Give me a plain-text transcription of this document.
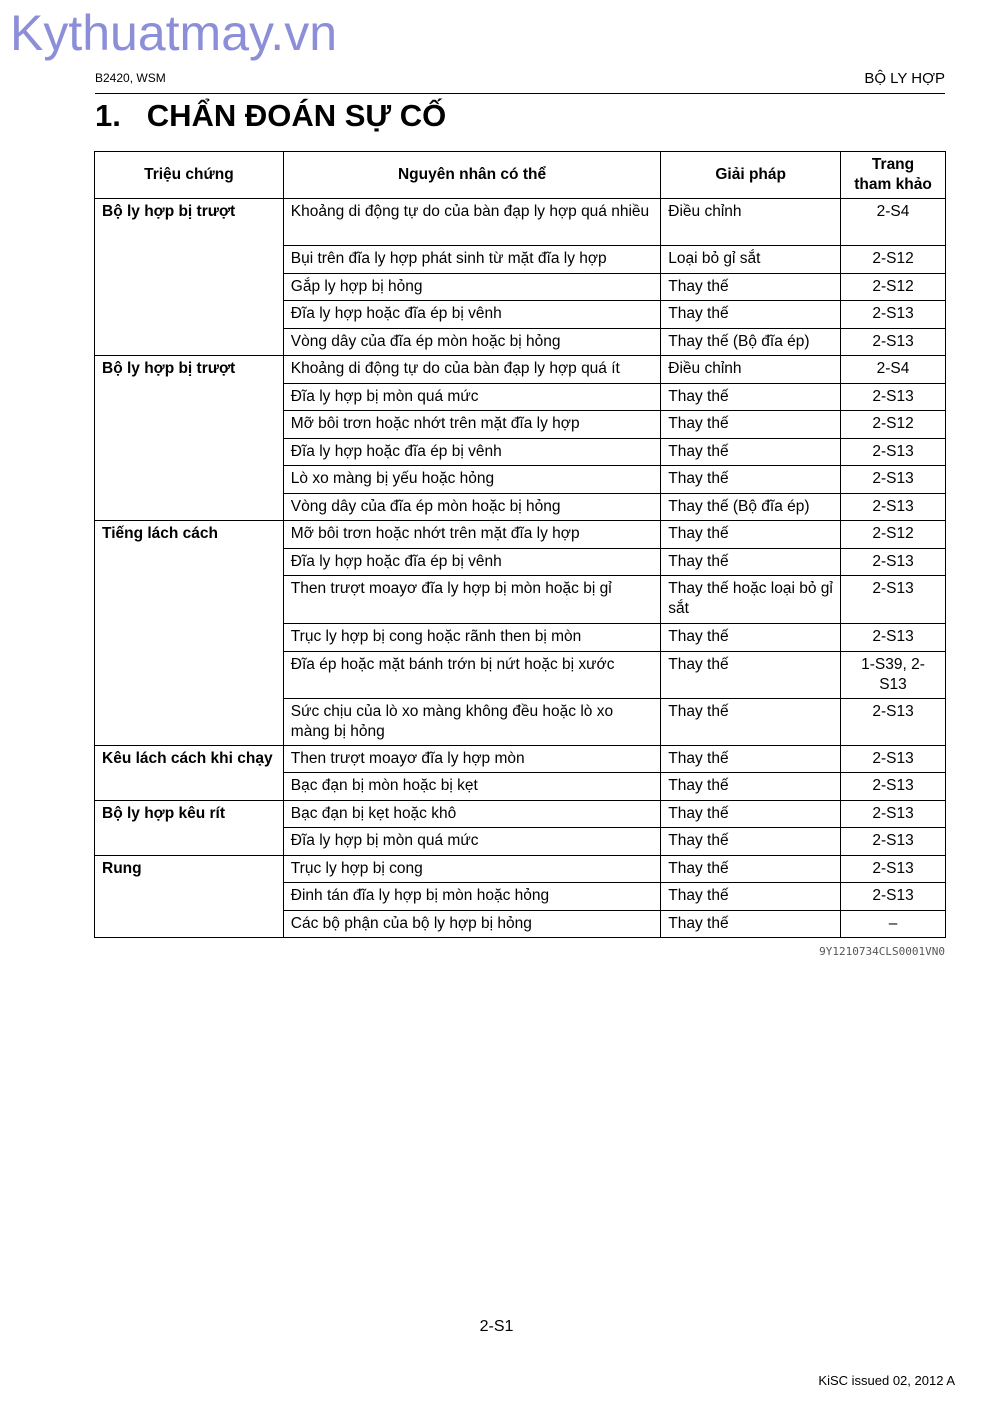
Kythuatmay.vn
B2420, WSM	BỘ LY HỢP
1.   CHẨN ĐOÁN SỰ CỐ
Triệu chứng	Nguyên nhân có thể	Giải pháp	Trang
tham khảo
Bộ ly hợp bị trượt	Khoảng di động tự do của bàn đạp ly hợp quá nhiều	Điều chỉnh	2-S4
	Bụi trên đĩa ly hợp phát sinh từ mặt đĩa ly hợp	Loại bỏ gỉ sắt	2-S12
	Gắp ly hợp bị hỏng	Thay thế	2-S12
	Đĩa ly hợp hoặc đĩa ép bị vênh	Thay thế	2-S13
	Vòng dây của đĩa ép mòn hoặc bị hỏng	Thay thế (Bộ đĩa ép)	2-S13
Bộ ly hợp bị trượt	Khoảng di động tự do của bàn đạp ly hợp quá ít	Điều chỉnh	2-S4
	Đĩa ly hợp bị mòn quá mức	Thay thế	2-S13
	Mỡ bôi trơn hoặc nhớt trên mặt đĩa ly hợp	Thay thế	2-S12
	Đĩa ly hợp hoặc đĩa ép bị vênh	Thay thế	2-S13
	Lò xo màng bị yếu hoặc hỏng	Thay thế	2-S13
	Vòng dây của đĩa ép mòn hoặc bị hỏng	Thay thế (Bộ đĩa ép)	2-S13
Tiếng lách cách	Mỡ bôi trơn hoặc nhớt trên mặt đĩa ly hợp	Thay thế	2-S12
	Đĩa ly hợp hoặc đĩa ép bị vênh	Thay thế	2-S13
	Then trượt moayơ đĩa ly hợp bị mòn hoặc bị gỉ	Thay thế hoặc loại bỏ gỉ sắt	2-S13
	Trục ly hợp bị cong hoặc rãnh then bị mòn	Thay thế	2-S13
	Đĩa ép hoặc mặt bánh trớn bị nứt hoặc bị xước	Thay thế	1-S39, 2-S13
	Sức chịu của lò xo màng không đều hoặc lò xo màng bị hỏng	Thay thế	2-S13
Kêu lách cách khi chạy	Then trượt moayơ đĩa ly hợp mòn	Thay thế	2-S13
	Bạc đạn bị mòn hoặc bị kẹt	Thay thế	2-S13
Bộ ly hợp kêu rít	Bạc đạn bị kẹt hoặc khô	Thay thế	2-S13
	Đĩa ly hợp bị mòn quá mức	Thay thế	2-S13
Rung	Trục ly hợp bị cong	Thay thế	2-S13
	Đinh tán đĩa ly hợp bị mòn hoặc hỏng	Thay thế	2-S13
	Các bộ phận của bộ ly hợp bị hỏng	Thay thế	–
9Y1210734CLS0001VN0
2-S1
KiSC issued 02, 2012 A
